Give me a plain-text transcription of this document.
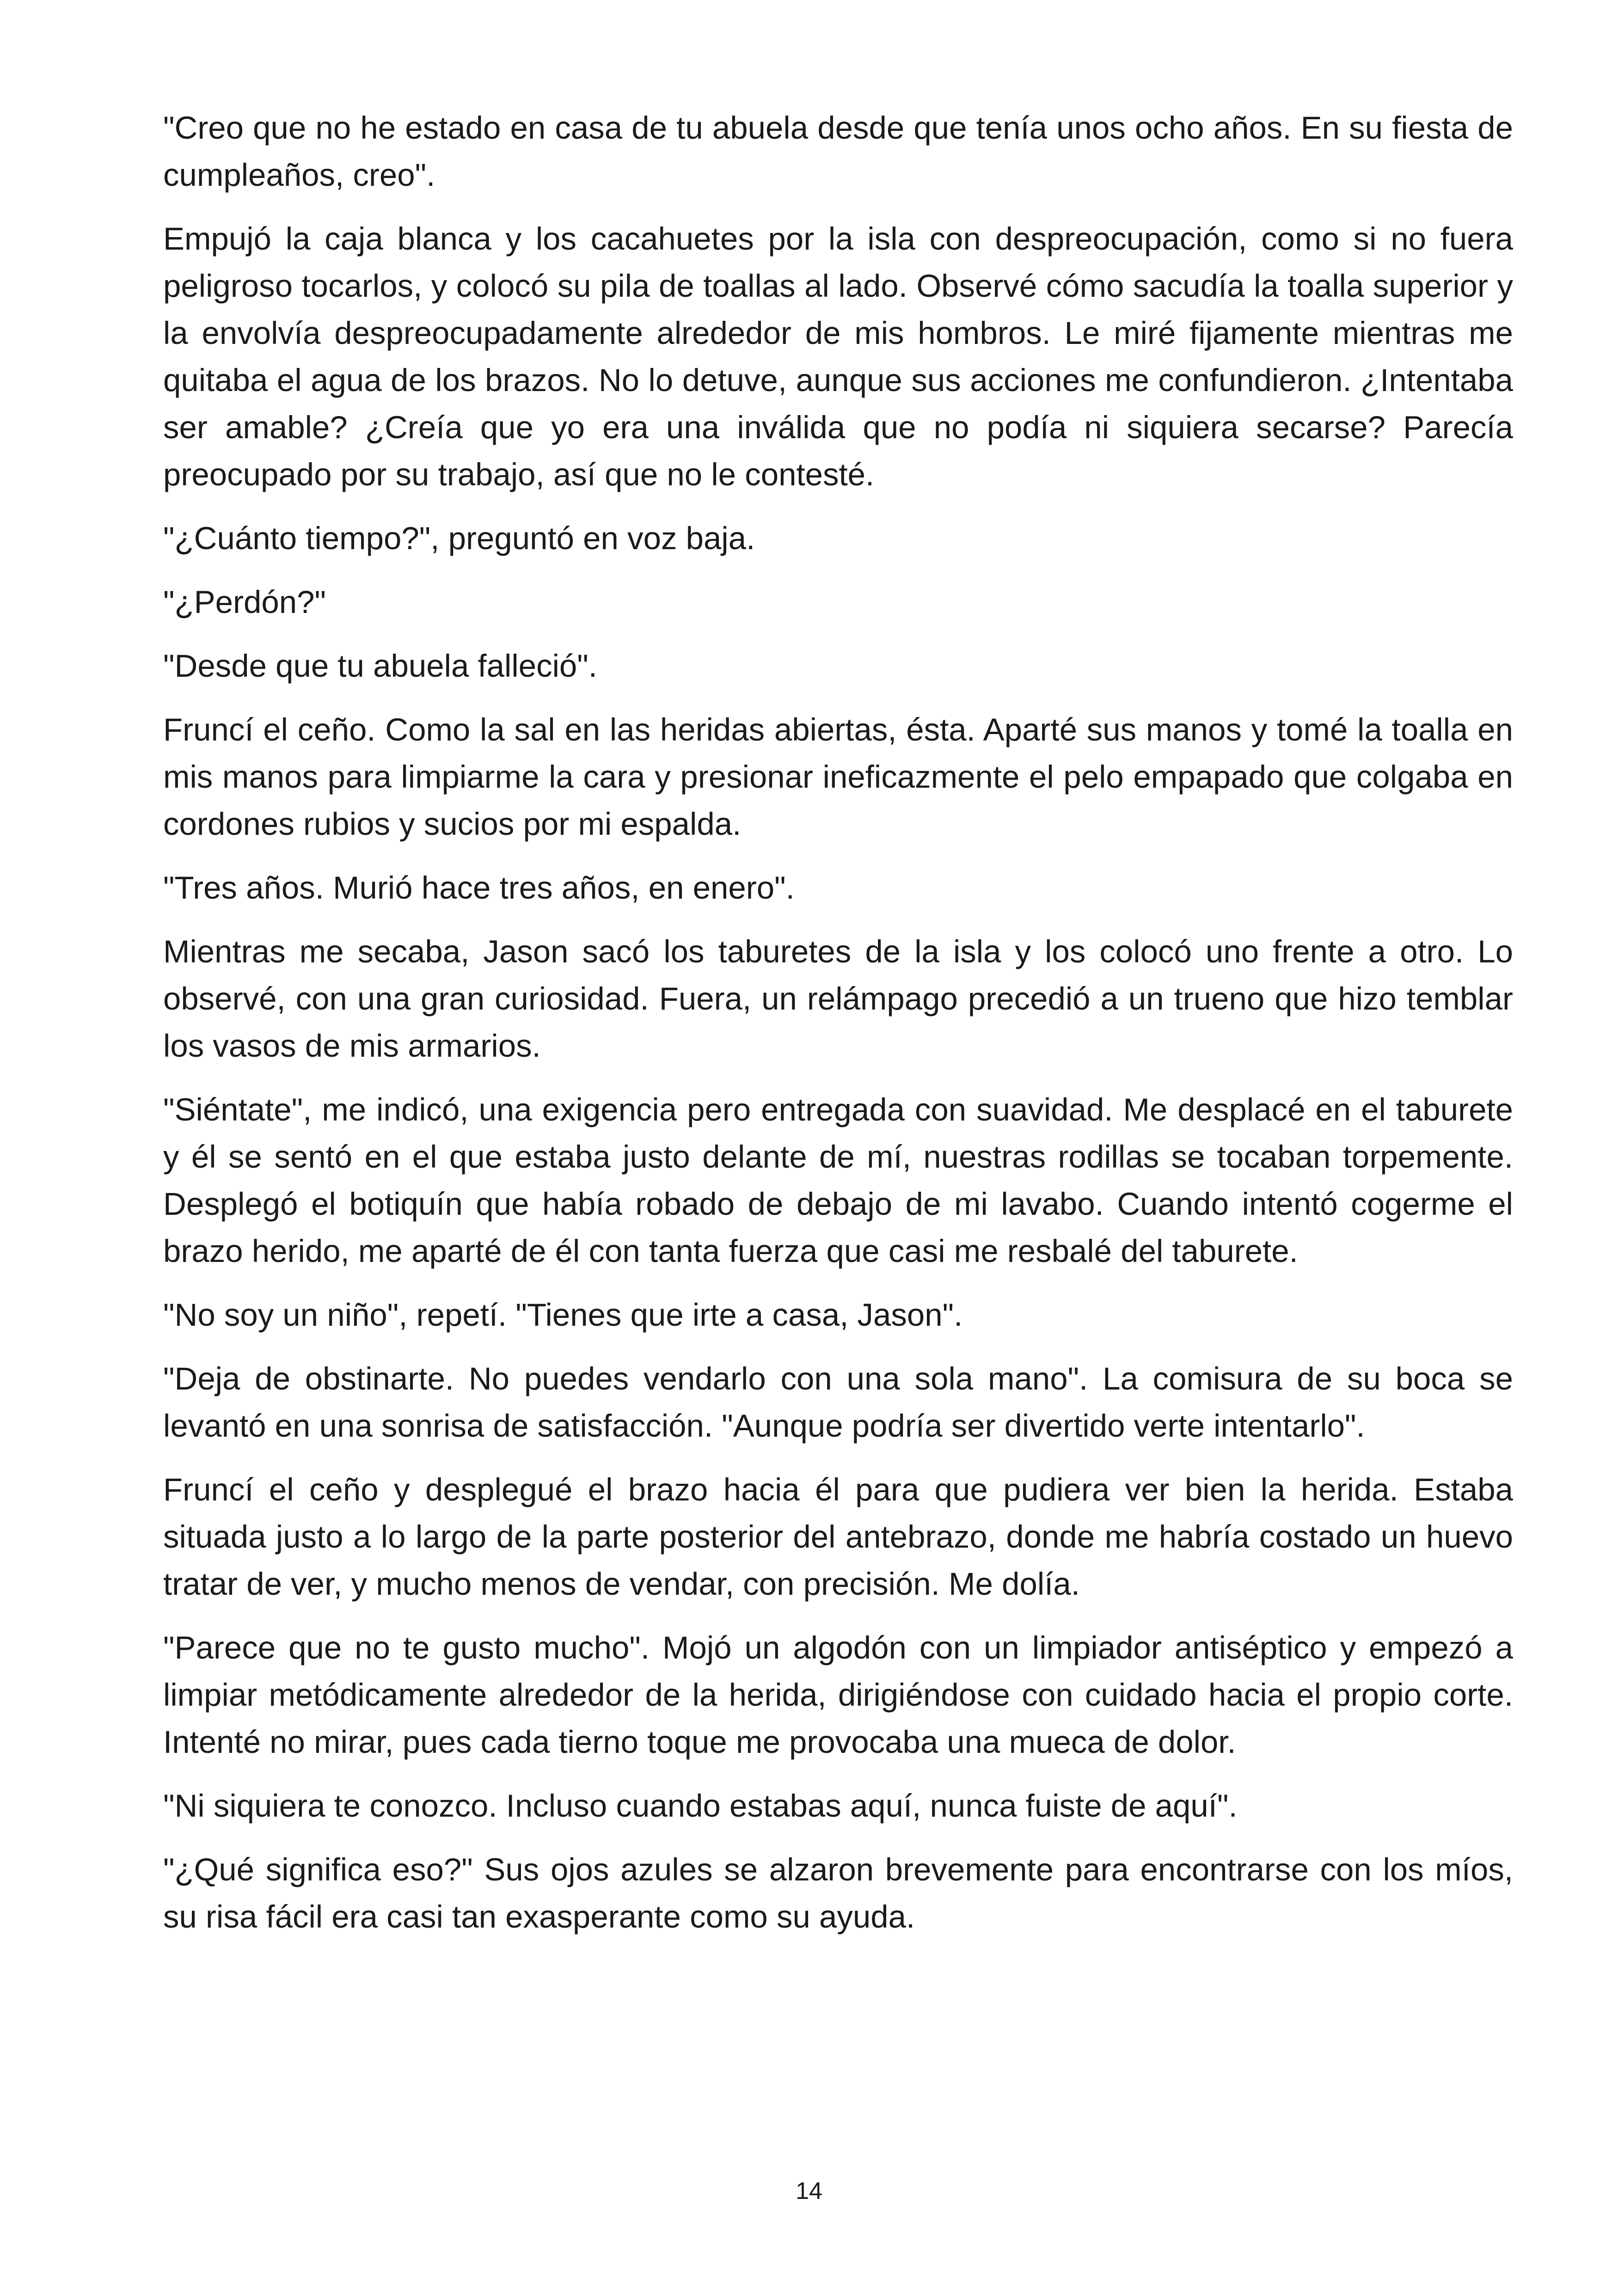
"Creo que no he estado en casa de tu abuela desde que tenía unos ocho años. En su fiesta de cumpleaños, creo".

Empujó la caja blanca y los cacahuetes por la isla con despreocupación, como si no fuera peligroso tocarlos, y colocó su pila de toallas al lado. Observé cómo sacudía la toalla superior y la envolvía despreocupadamente alrededor de mis hombros. Le miré fijamente mientras me quitaba el agua de los brazos. No lo detuve, aunque sus acciones me confundieron. ¿Intentaba ser amable? ¿Creía que yo era una inválida que no podía ni siquiera secarse? Parecía preocupado por su trabajo, así que no le contesté.

"¿Cuánto tiempo?", preguntó en voz baja.

"¿Perdón?"

"Desde que tu abuela falleció".

Fruncí el ceño. Como la sal en las heridas abiertas, ésta. Aparté sus manos y tomé la toalla en mis manos para limpiarme la cara y presionar ineficazmente el pelo empapado que colgaba en cordones rubios y sucios por mi espalda.

"Tres años. Murió hace tres años, en enero".

Mientras me secaba, Jason sacó los taburetes de la isla y los colocó uno frente a otro. Lo observé, con una gran curiosidad. Fuera, un relámpago precedió a un trueno que hizo temblar los vasos de mis armarios.

"Siéntate", me indicó, una exigencia pero entregada con suavidad. Me desplacé en el taburete y él se sentó en el que estaba justo delante de mí, nuestras rodillas se tocaban torpemente. Desplegó el botiquín que había robado de debajo de mi lavabo. Cuando intentó cogerme el brazo herido, me aparté de él con tanta fuerza que casi me resbalé del taburete.

"No soy un niño", repetí. "Tienes que irte a casa, Jason".

"Deja de obstinarte. No puedes vendarlo con una sola mano". La comisura de su boca se levantó en una sonrisa de satisfacción. "Aunque podría ser divertido verte intentarlo".

Fruncí el ceño y desplegué el brazo hacia él para que pudiera ver bien la herida. Estaba situada justo a lo largo de la parte posterior del antebrazo, donde me habría costado un huevo tratar de ver, y mucho menos de vendar, con precisión. Me dolía.

"Parece que no te gusto mucho". Mojó un algodón con un limpiador antiséptico y empezó a limpiar metódicamente alrededor de la herida, dirigiéndose con cuidado hacia el propio corte. Intenté no mirar, pues cada tierno toque me provocaba una mueca de dolor.

"Ni siquiera te conozco. Incluso cuando estabas aquí, nunca fuiste de aquí".

"¿Qué significa eso?" Sus ojos azules se alzaron brevemente para encontrarse con los míos, su risa fácil era casi tan exasperante como su ayuda.

14
